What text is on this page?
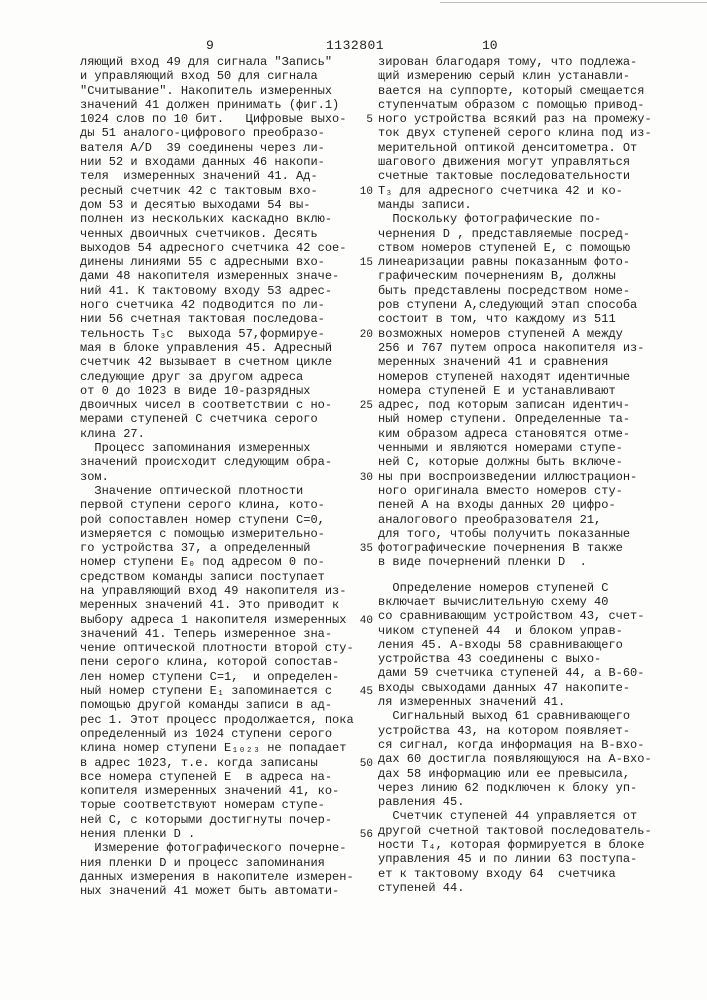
9	1132801	10
ляющий вход 49 для сигнала "Запись"
и управляющий вход 50 для сигнала
"Считывание". Накопитель измеренных
значений 41 должен принимать (фиг.1)
1024 слов по 10 бит.   Цифровые выхо-
ды 51 аналого-цифрового преобразо-
вателя A/D  39 соединены через ли-
нии 52 и входами данных 46 накопи-
теля  измеренных значений 41. Ад-
ресный счетчик 42 с тактовым вхо-
дом 53 и десятью выходами 54 вы-
полнен из нескольких каскадно вклю-
ченных двоичных счетчиков. Десять
выходов 54 адресного счетчика 42 сое-
динены линиями 55 с адресными вхо-
дами 48 накопителя измеренных значе-
ний 41. К тактовому входу 53 адрес-
ного счетчика 42 подводится по ли-
нии 56 счетная тактовая последова-
тельность T₃с  выхода 57,формируе-
мая в блоке управления 45. Адресный
счетчик 42 вызывает в счетном цикле
следующие друг за другом адреса
от 0 до 1023 в виде 10-разрядных
двоичных чисел в соответствии с но-
мерами ступеней C счетчика серого
клина 27.
Процесс запоминания измеренных
значений происходит следующим обра-
зом.
Значение оптической плотности
первой ступени серого клина, кото-
рой сопоставлен номер ступени C=0,
измеряется с помощью измерительно-
го устройства 37, а определенный
номер ступени E₀ под адресом 0 по-
средством команды записи поступает
на управляющий вход 49 накопителя из-
меренных значений 41. Это приводит к
выбору адреса 1 накопителя измеренных
значений 41. Теперь измеренное зна-
чение оптической плотности второй сту-
пени серого клина, которой сопостав-
лен номер ступени C=1,  и определен-
ный номер ступени E₁ запоминается с
помощью другой команды записи в ад-
рес 1. Этот процесс продолжается, пока
определенный из 1024 ступени серого
клина номер ступени E₁₀₂₃ не попадает
в адрес 1023, т.е. когда записаны
все номера ступеней E  в адреса на-
копителя измеренных значений 41, ко-
торые соответствуют номерам ступе-
ней C, с которыми достигнуты почер-
нения пленки D .
Измерение фотографического почерне-
ния пленки D и процесс запоминания
данных измерения в накопителе измерен-
ных значений 41 может быть автомати-
зирован благодаря тому, что подлежа-
щий измерению серый клин устанавли-
вается на суппорте, который смещается
ступенчатым образом с помощью привод-
ного устройства всякий раз на промежу-
ток двух ступеней серого клина под из-
мерительной оптикой денситометра. От
шагового движения могут управляться
счетные тактовые последовательности
T₃ для адресного счетчика 42 и ко-
манды записи.
Поскольку фотографические по-
чернения D , представляемые посред-
ством номеров ступеней E, с помощью
линеаризации равны показанным фото-
графическим почернениям B, должны
быть представлены посредством номе-
ров ступени A,следующий этап способа
состоит в том, что каждому из 511
возможных номеров ступеней A между
256 и 767 путем опроса накопителя из-
меренных значений 41 и сравнения
номеров ступеней находят идентичные
номера ступеней E и устанавливают
адрес, под которым записан идентич-
ный номер ступени. Определенные та-
ким образом адреса становятся отме-
ченными и являются номерами ступе-
ней C, которые должны быть включе-
ны при воспроизведении иллюстрацион-
ного оригинала вместо номеров сту-
пеней A на входы данных 20 цифро-
аналогового преобразователя 21,
для того, чтобы получить показанные
фотографические почернения B также
в виде почернений пленки D  .
Определение номеров ступеней C
включает вычислительную схему 40
со сравнивающим устройством 43, счет-
чиком ступеней 44  и блоком управ-
ления 45. A-входы 58 сравнивающего
устройства 43 соединены с выхо-
дами 59 счетчика ступеней 44, а B-60-
входы свыходами данных 47 накопите-
ля измеренных значений 41.
Сигнальный выход 61 сравнивающего
устройства 43, на котором появляет-
ся сигнал, когда информация на B-вхо-
дах 60 достигла появляющуюся на A-вхо-
дах 58 информацию или ее превысила,
через линию 62 подключен к блоку уп-
равления 45.
Счетчик ступеней 44 управляется от
другой счетной тактовой последователь-
ности T₄, которая формируется в блоке
управления 45 и по линии 63 поступа-
ет к тактовому входу 64  счетчика
ступеней 44.
5
10
15
20
25
30
35
40
45
50
56
